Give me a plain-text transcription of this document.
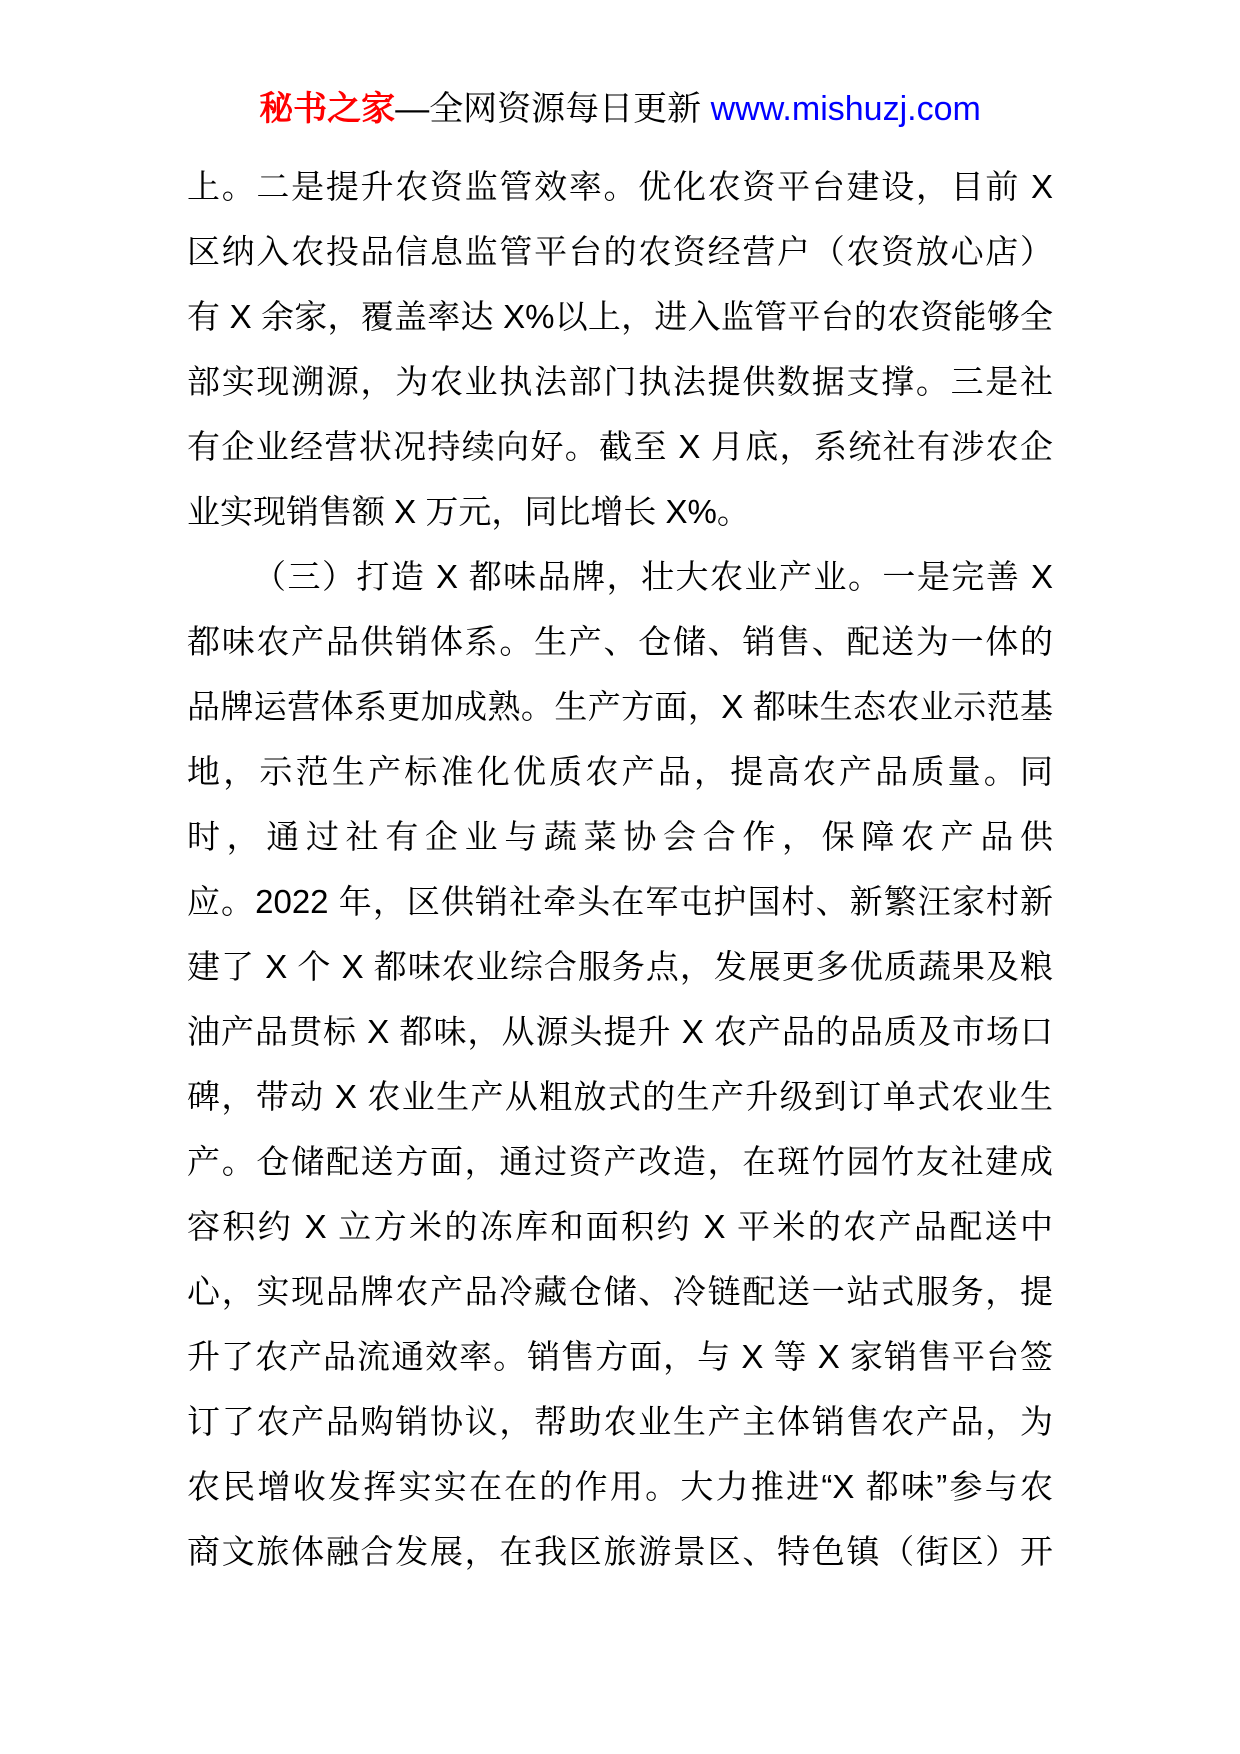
秘书之家—全网资源每日更新 www.mishuzj.com
上。二是提升农资监管效率。优化农资平台建设，目前 X
区纳入农投品信息监管平台的农资经营户（农资放心店）
有 X 余家，覆盖率达 X%以上，进入监管平台的农资能够全
部实现溯源，为农业执法部门执法提供数据支撑。三是社
有企业经营状况持续向好。截至 X 月底，系统社有涉农企
业实现销售额 X 万元，同比增长 X%。
（三）打造 X 都味品牌，壮大农业产业。一是完善 X
都味农产品供销体系。生产、仓储、销售、配送为一体的
品牌运营体系更加成熟。生产方面，X 都味生态农业示范基
地，示范生产标准化优质农产品，提高农产品质量。同
时，通过社有企业与蔬菜协会合作，保障农产品供
应。2022 年，区供销社牵头在军屯护国村、新繁汪家村新
建了 X 个 X 都味农业综合服务点，发展更多优质蔬果及粮
油产品贯标 X 都味，从源头提升 X 农产品的品质及市场口
碑，带动 X 农业生产从粗放式的生产升级到订单式农业生
产。仓储配送方面，通过资产改造，在斑竹园竹友社建成
容积约 X 立方米的冻库和面积约 X 平米的农产品配送中
心，实现品牌农产品冷藏仓储、冷链配送一站式服务，提
升了农产品流通效率。销售方面，与 X 等 X 家销售平台签
订了农产品购销协议，帮助农业生产主体销售农产品，为
农民增收发挥实实在在的作用。大力推进“X 都味”参与农
商文旅体融合发展，在我区旅游景区、特色镇（街区）开
